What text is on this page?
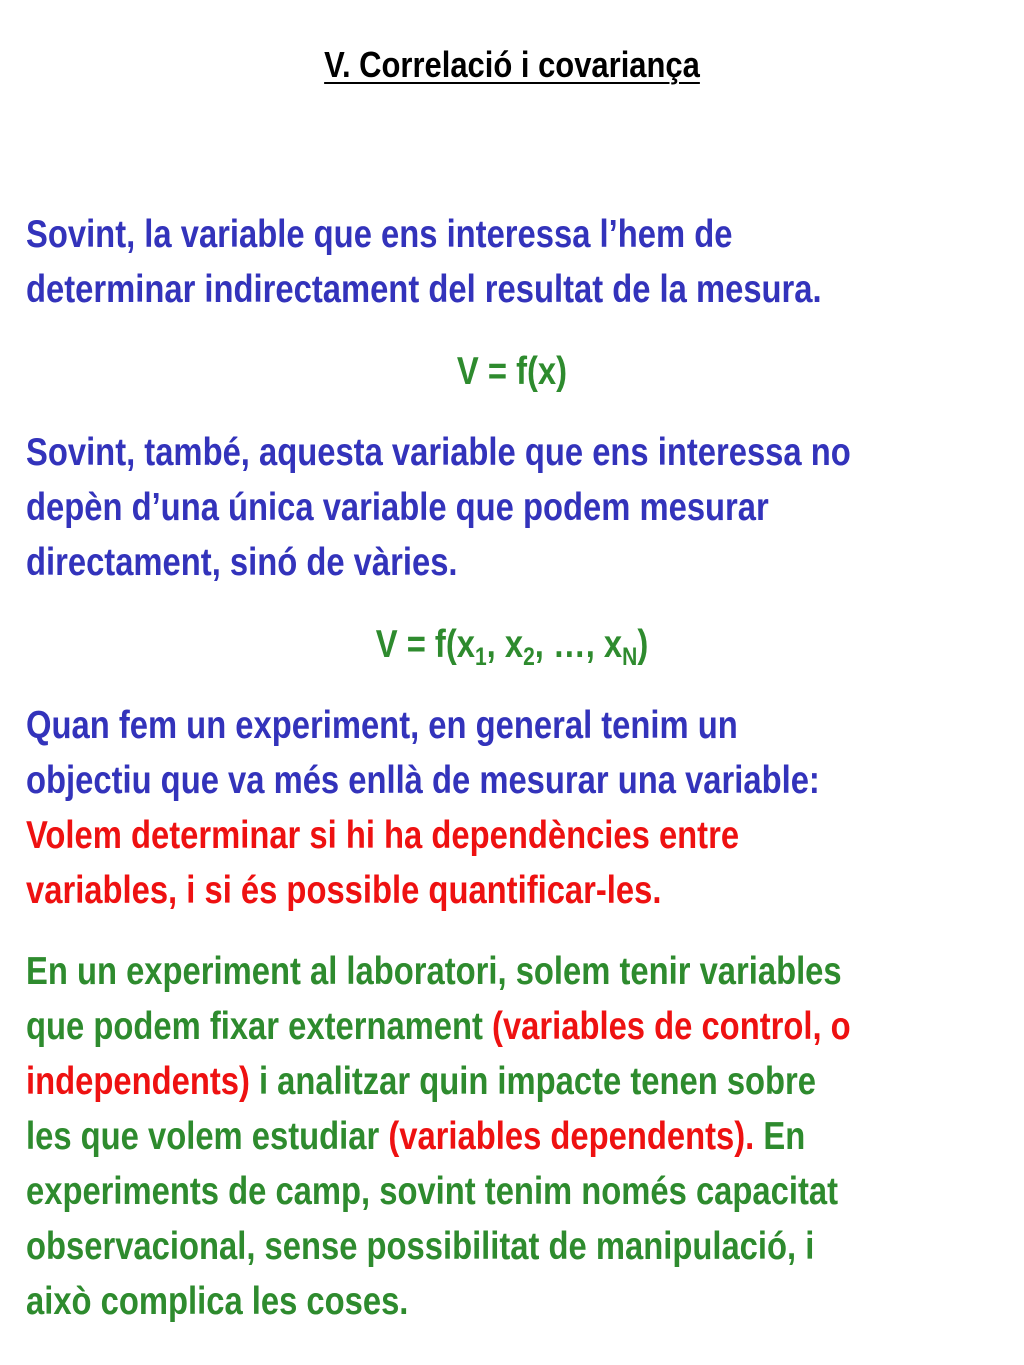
V. Correlació i covariança
Sovint, la variable que ens interessa l’hem de
determinar indirectament del resultat de la mesura.
V = f(x)
Sovint, també, aquesta variable que ens interessa no
depèn d’una única variable que podem mesurar
directament, sinó de vàries.
$V = f(x_1$, $x_2$, …, $x_N$)
Quan fem un experiment, en general tenim un
objectiu que va més enllà de mesurar una variable:
Volem determinar si hi ha dependències entre
variables, i si és possible quantificar-les.
En un experiment al laboratori, solem tenir variables
que podem fixar externament (variables de control, o
independents) i analitzar quin impacte tenen sobre
les que volem estudiar (variables dependents). En
experiments de camp, sovint tenim només capacitat
observacional, sense possibilitat de manipulació, i
això complica les coses.
